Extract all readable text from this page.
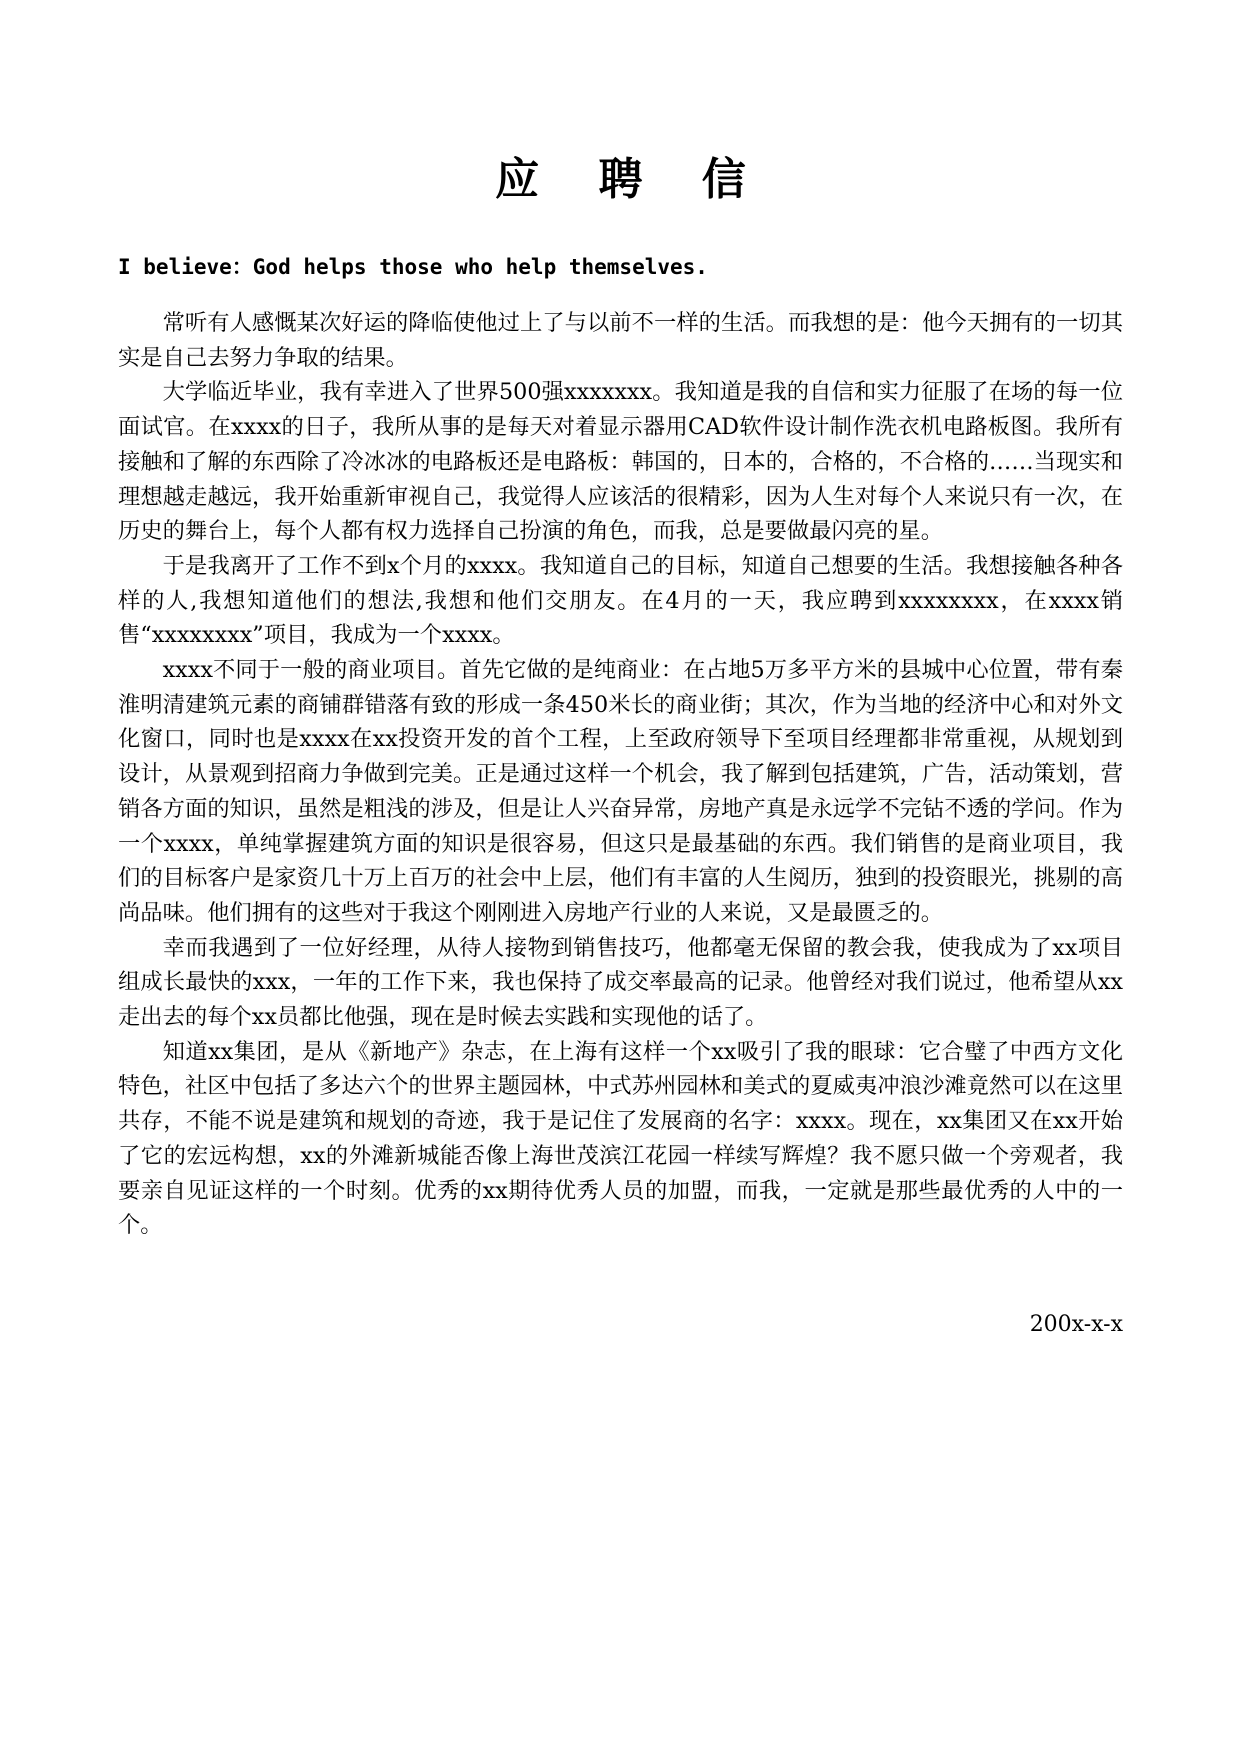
应 聘 信
I believe：God helps those who help themselves.

常听有人感慨某次好运的降临使他过上了与以前不一样的生活。而我想的是：他今天拥有的一切其实是自己去努力争取的结果。

大学临近毕业，我有幸进入了世界500强xxxxxxx。我知道是我的自信和实力征服了在场的每一位面试官。在xxxx的日子，我所从事的是每天对着显示器用CAD软件设计制作洗衣机电路板图。我所有接触和了解的东西除了冷冰冰的电路板还是电路板：韩国的，日本的，合格的，不合格的……当现实和理想越走越远，我开始重新审视自己，我觉得人应该活的很精彩，因为人生对每个人来说只有一次，在历史的舞台上，每个人都有权力选择自己扮演的角色，而我，总是要做最闪亮的星。

于是我离开了工作不到x个月的xxxx。我知道自己的目标，知道自己想要的生活。我想接触各种各样的人,我想知道他们的想法,我想和他们交朋友。在4月的一天，我应聘到xxxxxxxx，在xxxx销售“xxxxxxxx”项目，我成为一个xxxx。

xxxx不同于一般的商业项目。首先它做的是纯商业：在占地5万多平方米的县城中心位置，带有秦淮明清建筑元素的商铺群错落有致的形成一条450米长的商业街；其次，作为当地的经济中心和对外文化窗口，同时也是xxxx在xx投资开发的首个工程，上至政府领导下至项目经理都非常重视，从规划到设计，从景观到招商力争做到完美。正是通过这样一个机会，我了解到包括建筑，广告，活动策划，营销各方面的知识，虽然是粗浅的涉及，但是让人兴奋异常，房地产真是永远学不完钻不透的学问。作为一个xxxx，单纯掌握建筑方面的知识是很容易，但这只是最基础的东西。我们销售的是商业项目，我们的目标客户是家资几十万上百万的社会中上层，他们有丰富的人生阅历，独到的投资眼光，挑剔的高尚品味。他们拥有的这些对于我这个刚刚进入房地产行业的人来说，又是最匮乏的。

幸而我遇到了一位好经理，从待人接物到销售技巧，他都毫无保留的教会我，使我成为了xx项目组成长最快的xxx，一年的工作下来，我也保持了成交率最高的记录。他曾经对我们说过，他希望从xx走出去的每个xx员都比他强，现在是时候去实践和实现他的话了。

知道xx集团，是从《新地产》杂志，在上海有这样一个xx吸引了我的眼球：它合璧了中西方文化特色，社区中包括了多达六个的世界主题园林，中式苏州园林和美式的夏威夷冲浪沙滩竟然可以在这里共存，不能不说是建筑和规划的奇迹，我于是记住了发展商的名字：xxxx。现在，xx集团又在xx开始了它的宏远构想，xx的外滩新城能否像上海世茂滨江花园一样续写辉煌？我不愿只做一个旁观者，我要亲自见证这样的一个时刻。优秀的xx期待优秀人员的加盟，而我，一定就是那些最优秀的人中的一个。

200x-x-x
